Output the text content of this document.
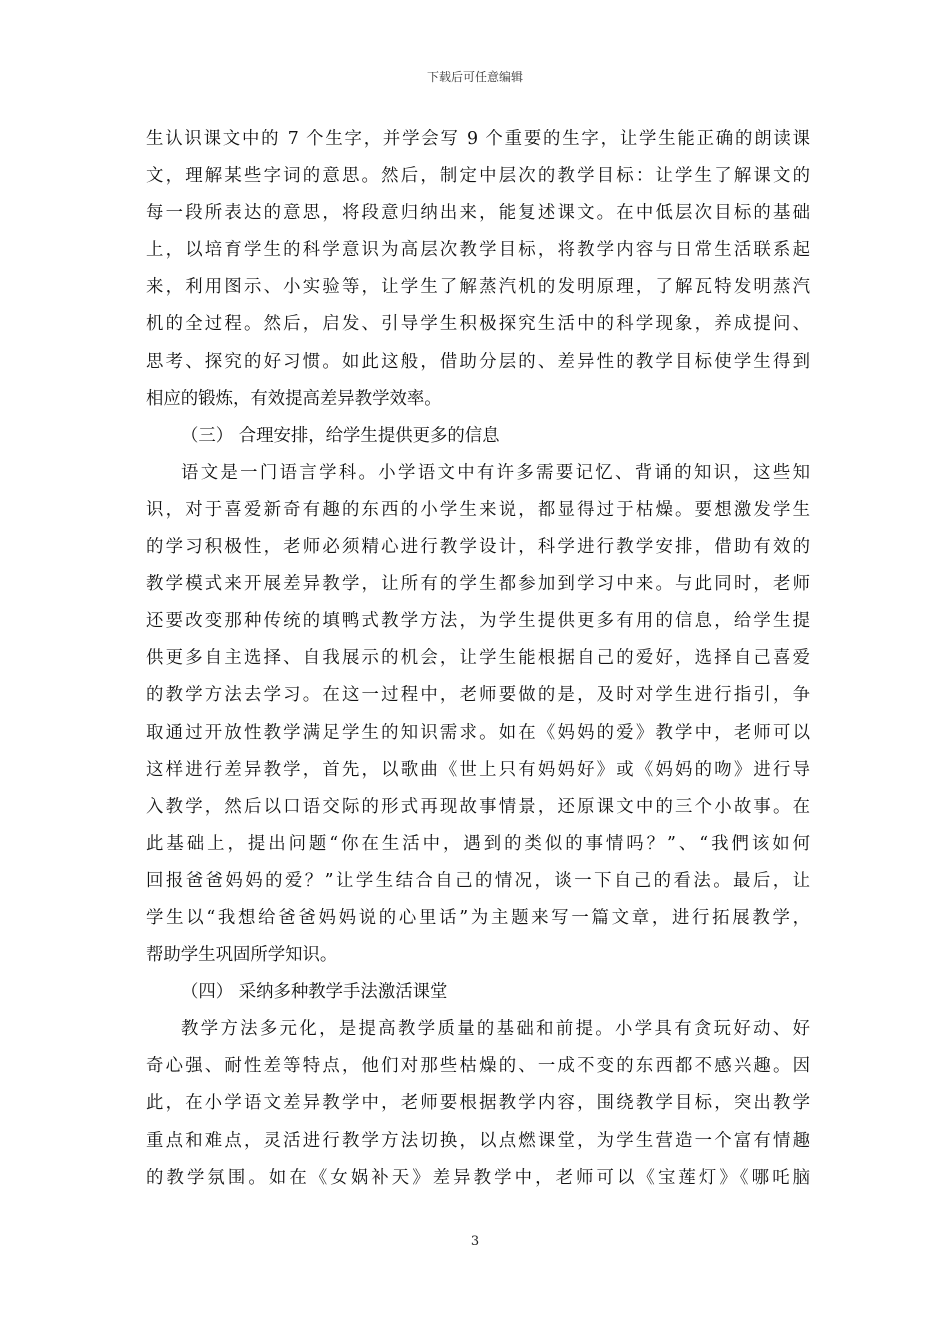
下载后可任意编辑
生认识课文中的 7 个生字，并学会写 9 个重要的生字，让学生能正确的朗读课
文，理解某些字词的意思。然后，制定中层次的教学目标：让学生了解课文的
每一段所表达的意思，将段意归纳出来，能复述课文。在中低层次目标的基础
上，以培育学生的科学意识为高层次教学目标，将教学内容与日常生活联系起
来，利用图示、小实验等，让学生了解蒸汽机的发明原理，了解瓦特发明蒸汽
机的全过程。然后，启发、引导学生积极探究生活中的科学现象，养成提问、
思考、探究的好习惯。如此这般，借助分层的、差异性的教学目标使学生得到
相应的锻炼，有效提高差异教学效率。
（三） 合理安排，给学生提供更多的信息
语文是一门语言学科。小学语文中有许多需要记忆、背诵的知识，这些知
识，对于喜爱新奇有趣的东西的小学生来说，都显得过于枯燥。要想激发学生
的学习积极性，老师必须精心进行教学设计，科学进行教学安排，借助有效的
教学模式来开展差异教学，让所有的学生都参加到学习中来。与此同时，老师
还要改变那种传统的填鸭式教学方法，为学生提供更多有用的信息，给学生提
供更多自主选择、自我展示的机会，让学生能根据自己的爱好，选择自己喜爱
的教学方法去学习。在这一过程中，老师要做的是，及时对学生进行指引，争
取通过开放性教学满足学生的知识需求。如在《妈妈的爱》教学中，老师可以
这样进行差异教学，首先，以歌曲《世上只有妈妈好》或《妈妈的吻》进行导
入教学，然后以口语交际的形式再现故事情景，还原课文中的三个小故事。在
此基础上，提出问题“你在生活中，遇到的类似的事情吗？”、“我們该如何
回报爸爸妈妈的爱？”让学生结合自己的情况，谈一下自己的看法。最后，让
学生以“我想给爸爸妈妈说的心里话”为主题来写一篇文章，进行拓展教学，
帮助学生巩固所学知识。
（四） 采纳多种教学手法激活课堂
教学方法多元化，是提高教学质量的基础和前提。小学具有贪玩好动、好
奇心强、耐性差等特点，他们对那些枯燥的、一成不变的东西都不感兴趣。因
此，在小学语文差异教学中，老师要根据教学内容，围绕教学目标，突出教学
重点和难点，灵活进行教学方法切换，以点燃课堂，为学生营造一个富有情趣
的教学氛围。如在《女娲补天》差异教学中，老师可以《宝莲灯》《哪吒脑
3
